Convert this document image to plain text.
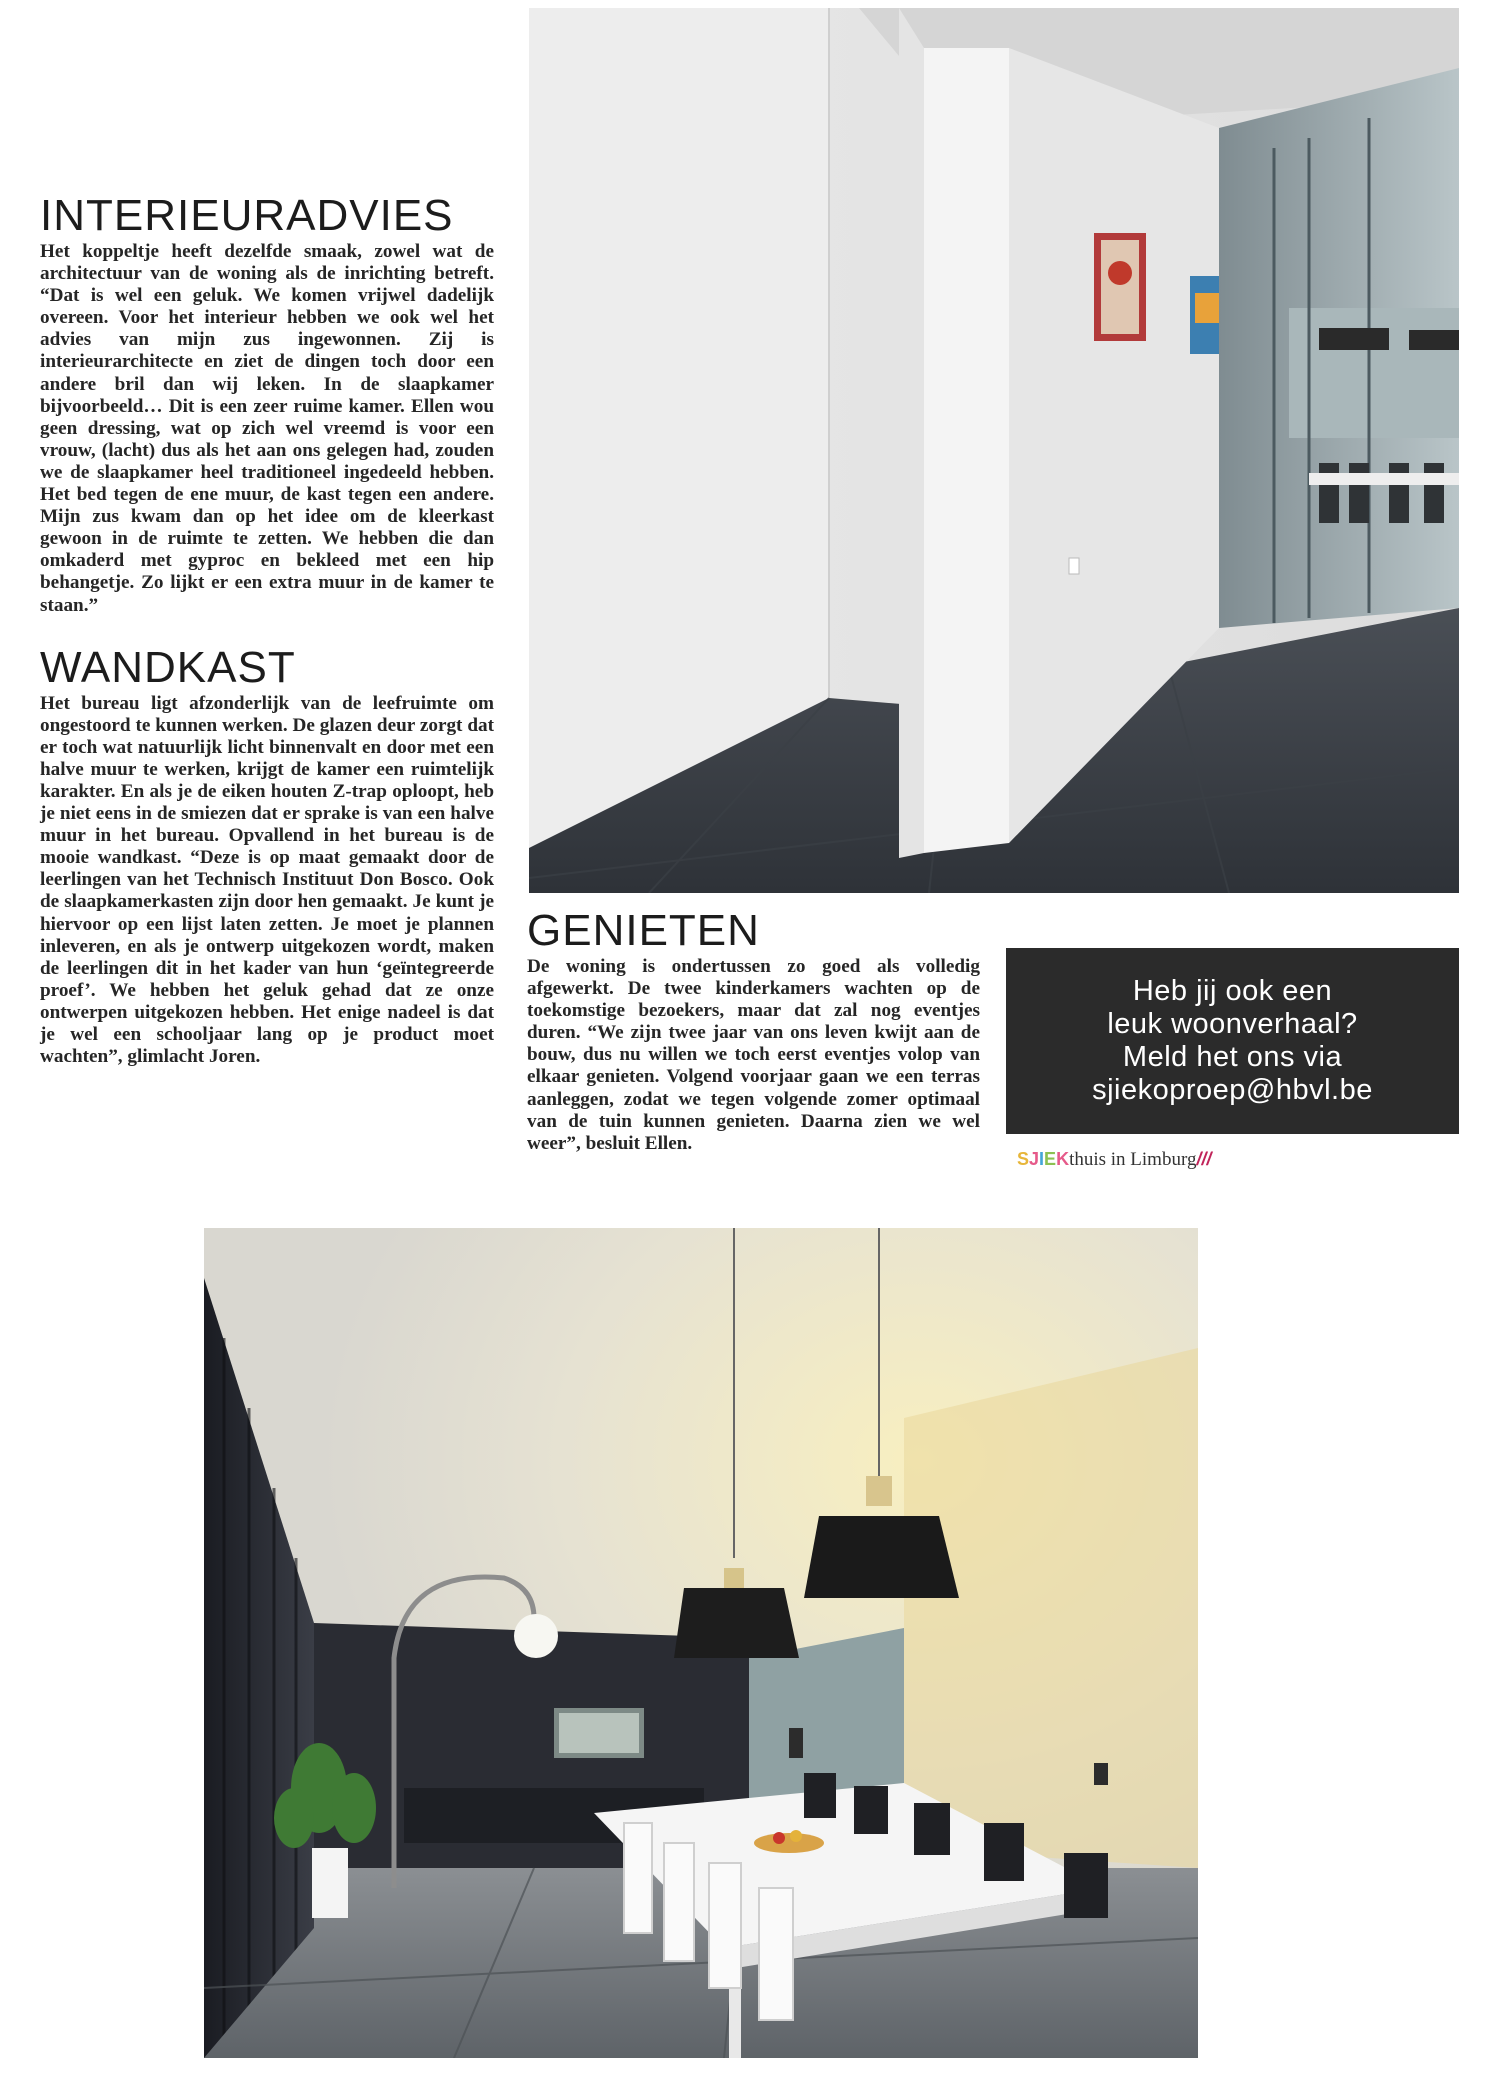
INTERIEURADVIES

Het koppeltje heeft dezelfde smaak, zowel wat de architectuur van de woning als de inrichting betreft. “Dat is wel een geluk. We komen vrijwel dadelijk overeen. Voor het interieur hebben we ook wel het advies van mijn zus ingewonnen. Zij is interieurarchitecte en ziet de dingen toch door een andere bril dan wij leken. In de slaapkamer bijvoorbeeld… Dit is een zeer ruime kamer. Ellen wou geen dressing, wat op zich wel vreemd is voor een vrouw, (lacht) dus als het aan ons gelegen had, zouden we de slaapkamer heel traditioneel ingedeeld hebben. Het bed tegen de ene muur, de kast tegen een andere. Mijn zus kwam dan op het idee om de kleerkast gewoon in de ruimte te zetten. We hebben die dan omkaderd met gyproc en bekleed met een hip behangetje. Zo lijkt er een extra muur in de kamer te staan.”

WANDKAST

Het bureau ligt afzonderlijk van de leefruimte om ongestoord te kunnen werken. De glazen deur zorgt dat er toch wat natuurlijk licht binnenvalt en door met een halve muur te werken, krijgt de kamer een ruimtelijk karakter. En als je de eiken houten Z-trap oploopt, heb je niet eens in de smiezen dat er sprake is van een halve muur in het bureau. Opvallend in het bureau is de mooie wandkast. “Deze is op maat gemaakt door de leerlingen van het Technisch Instituut Don Bosco. Ook de slaapkamerkasten zijn door hen gemaakt. Je kunt je hiervoor op een lijst laten zetten. Je moet je plannen inleveren, en als je ontwerp uitgekozen wordt, maken de leerlingen dit in het kader van hun ‘geïntegreerde proef’. We hebben het geluk gehad dat ze onze ontwerpen uitgekozen hebben. Het enige nadeel is dat je wel een schooljaar lang op je product moet wachten”, glimlacht Joren.

GENIETEN

De woning is ondertussen zo goed als volledig afgewerkt. De twee kinderkamers wachten op de toekomstige bezoekers, maar dat zal nog eventjes duren. “We zijn twee jaar van ons leven kwijt aan de bouw, dus nu willen we toch eerst eventjes volop van elkaar genieten. Volgend voorjaar gaan we een terras aanleggen, zodat we tegen volgende zomer optimaal van de tuin kunnen genieten. Daarna zien we wel weer”, besluit Ellen.

Heb jij ook een
leuk woonverhaal?
Meld het ons via
sjiekoproep@hbvl.be
SJIEKthuis in Limburg///
